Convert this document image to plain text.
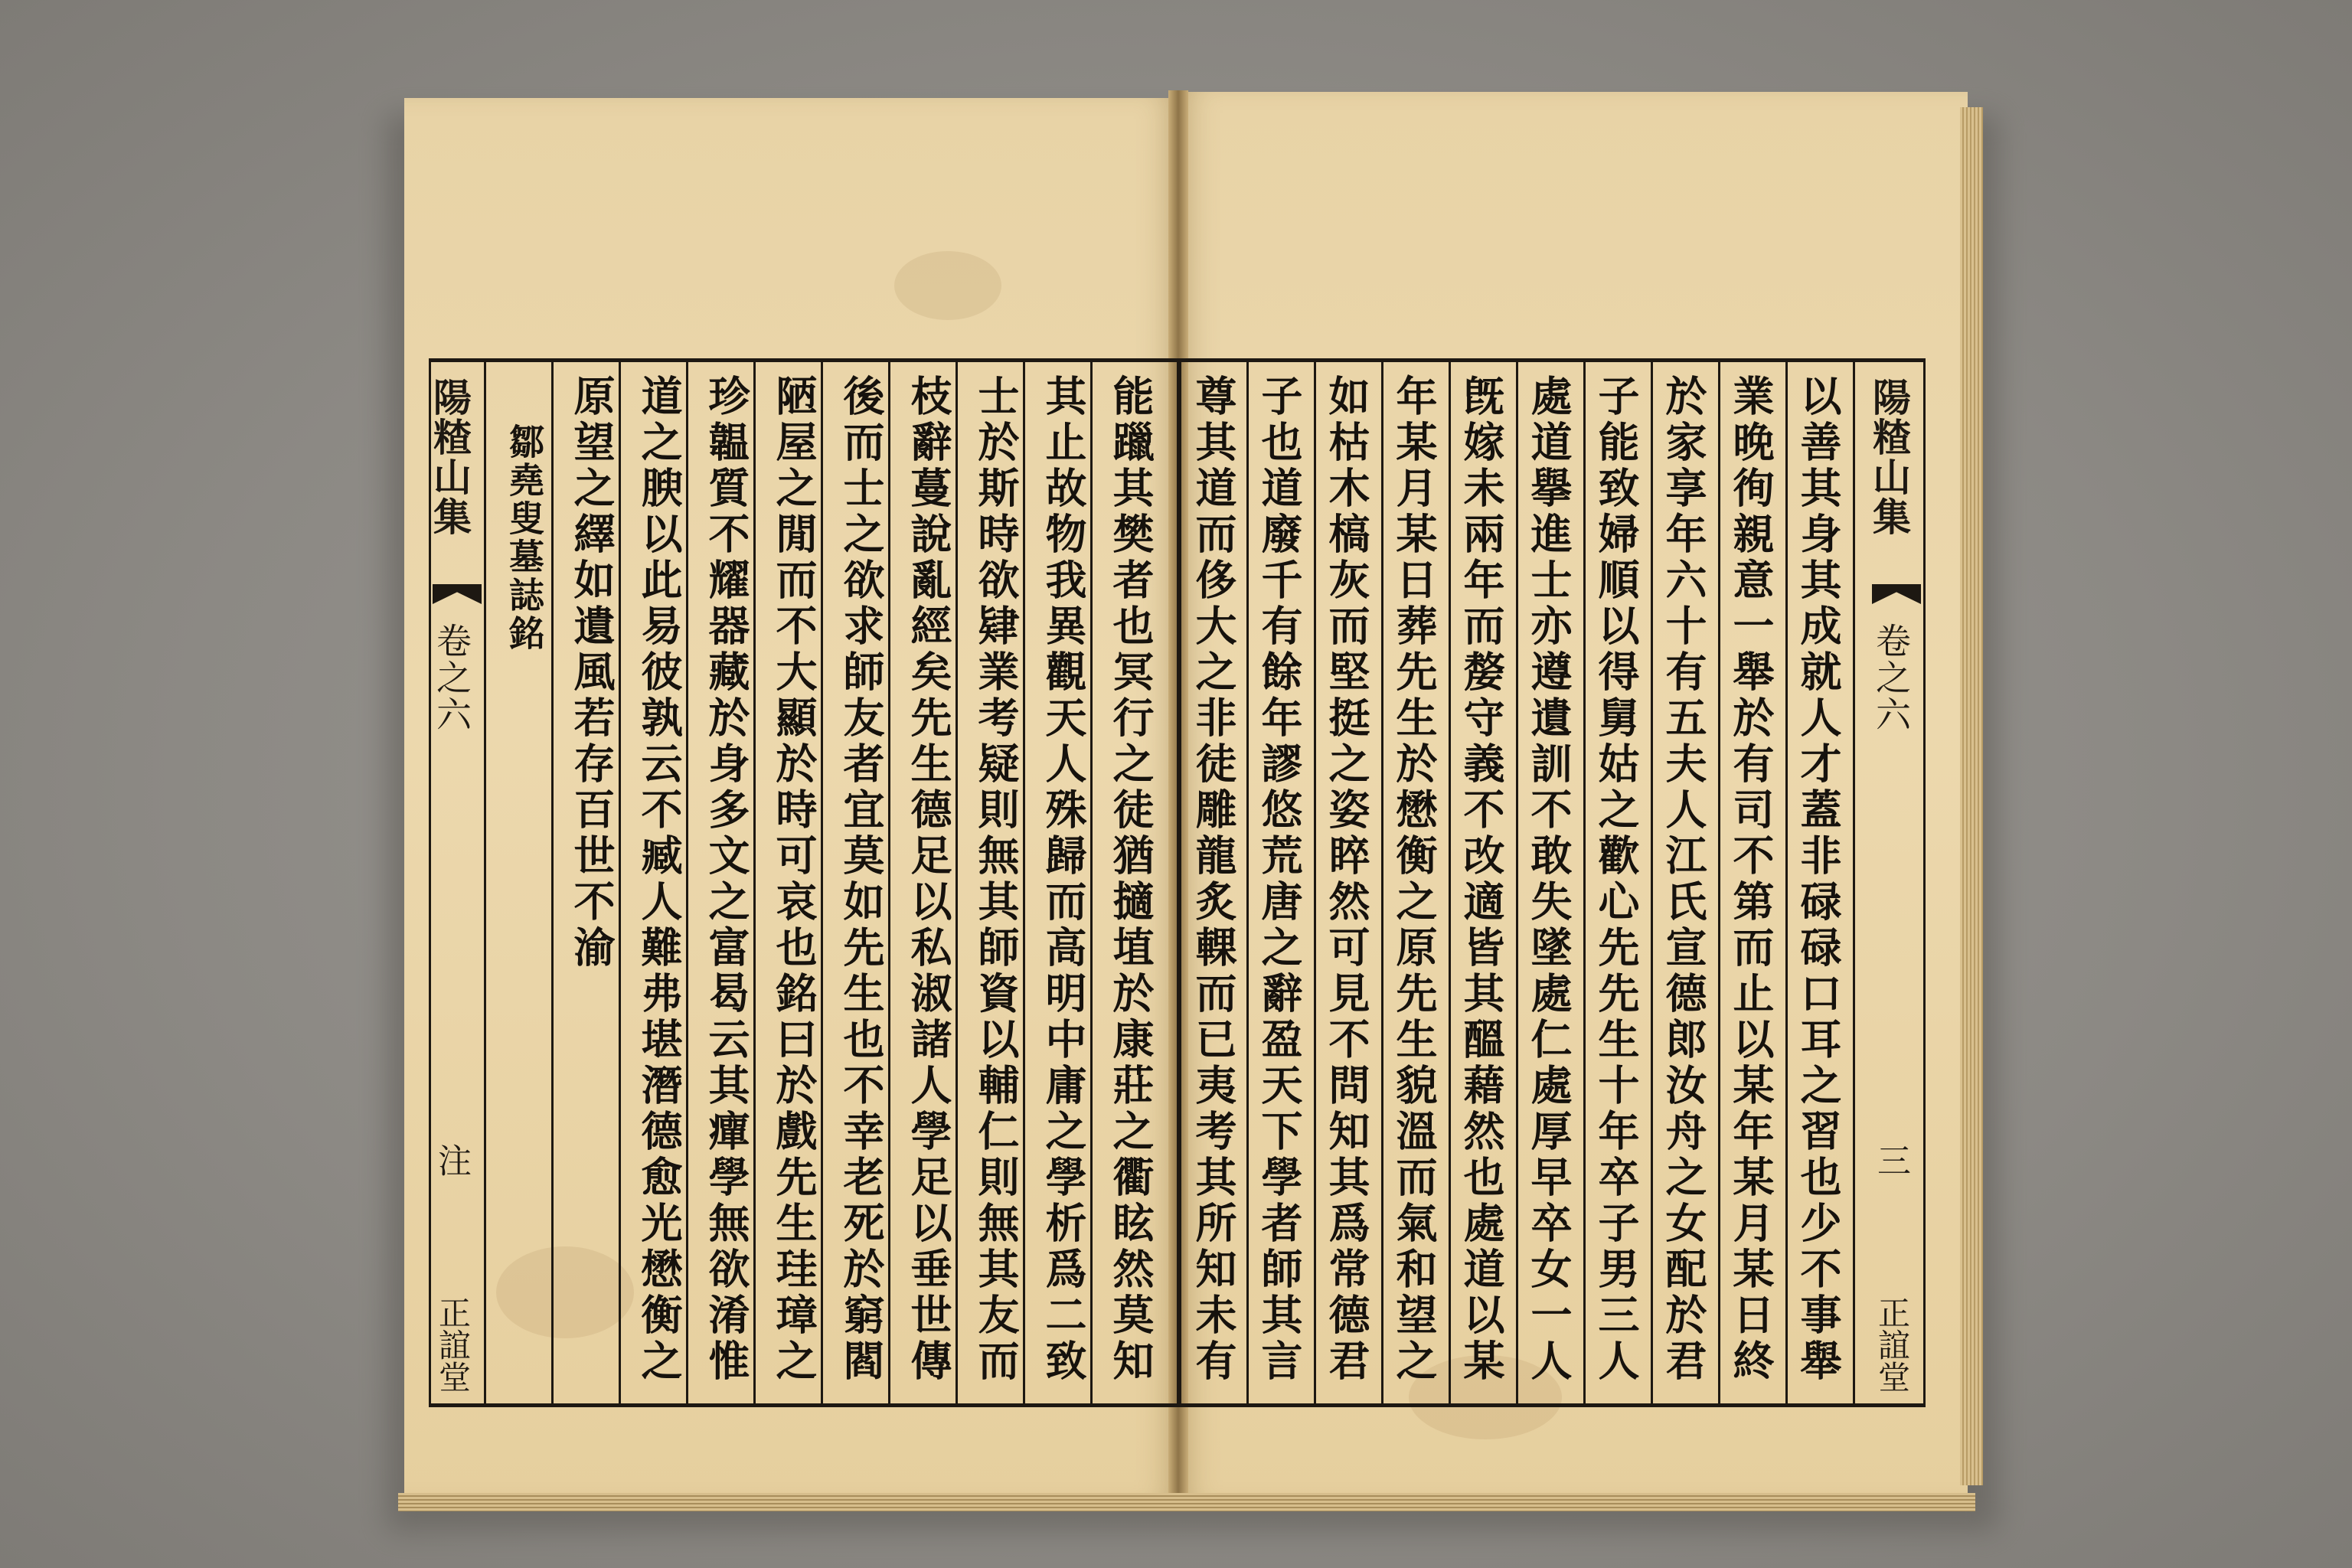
陽𥻗山集
卷之六
注
正誼堂	能躐其樊者也冥行之徒猶擿埴於康莊之衢眩然莫知
其止故物我異觀天人殊歸而高明中庸之學析爲二致
士於斯時欲肄業考疑則無其師資以輔仁則無其友而
枝辭蔓說亂經矣先生德足以私淑諸人學足以垂世傳
後而士之欲求師友者宜莫如先生也不幸老死於窮閻
陋屋之閒而不大顯於時可哀也銘曰於戲先生珪璋之
珍韞質不耀器藏於身多文之富曷云其癉學無欲淆惟
道之腴以此易彼孰云不臧人難弗堪潛德愈光懋衡之
原望之繹如遺風若存百世不渝
鄒堯叟墓誌銘	以善其身其成就人才蓋非碌碌口耳之習也少不事舉
業晚徇親意一舉於有司不第而止以某年某月某日終
於家享年六十有五夫人江氏宣德郎汝舟之女配於君
子能致婦順以得舅姑之歡心先先生十年卒子男三人
處道擧進士亦遵遺訓不敢失墜處仁處厚早卒女一人
旣嫁未兩年而嫠守義不改適皆其醞藉然也處道以某
年某月某日葬先生於懋衡之原先生貌溫而氣和望之
如枯木槁灰而堅挺之姿睟然可見不問知其爲常德君
子也道廢千有餘年謬悠荒唐之辭盈天下學者師其言
尊其道而侈大之非徒雕龍炙輠而已夷考其所知未有	陽𥻗山集
卷之六
三
正誼堂
